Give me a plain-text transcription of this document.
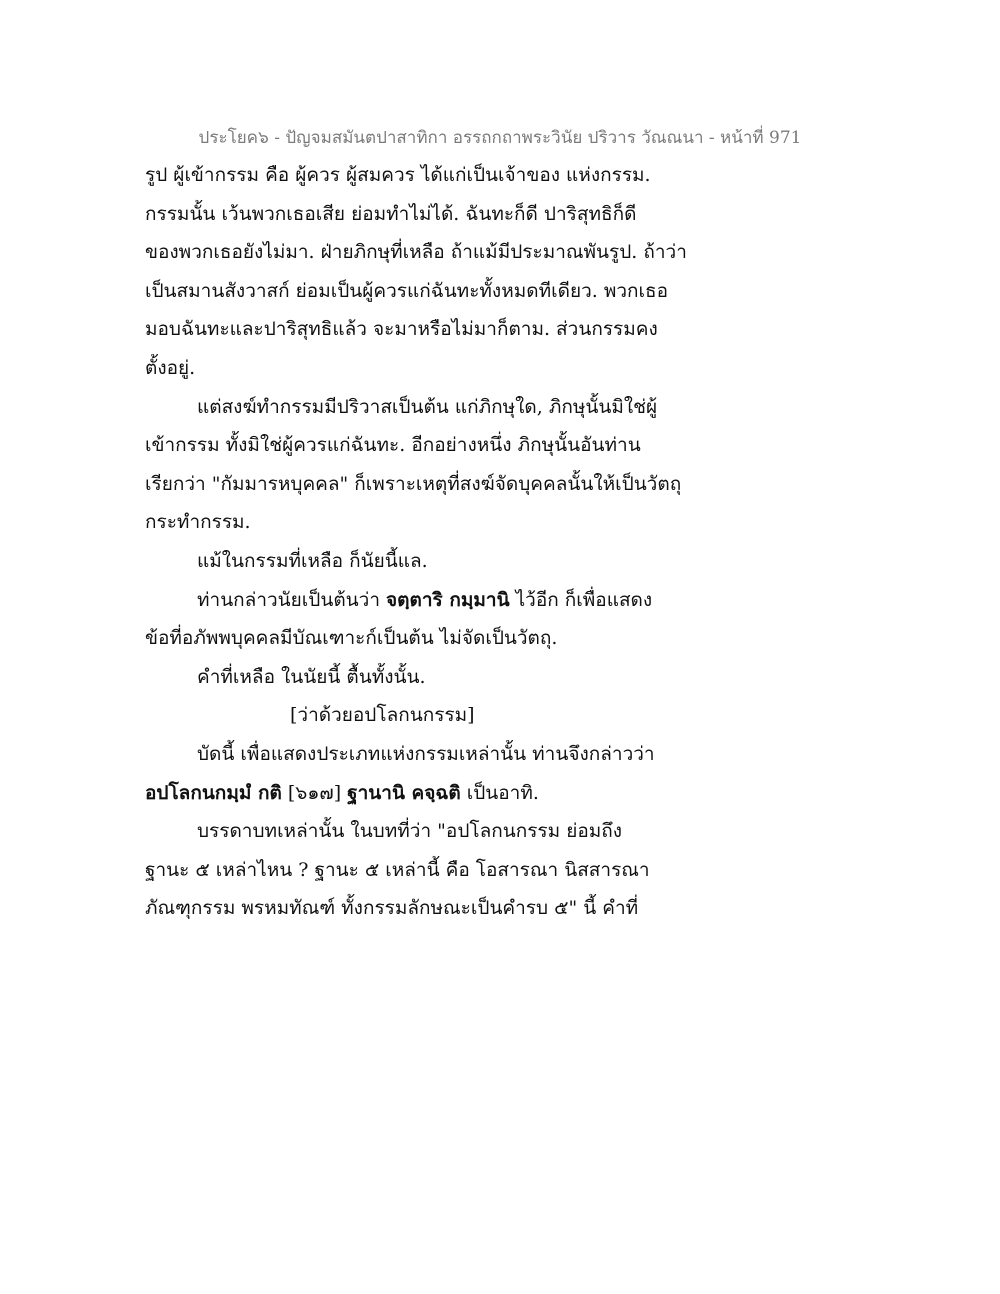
ประโยค๖ - ปัญจมสมันตปาสาทิกา อรรถกถาพระวินัย ปริวาร วัณณนา - หน้าที่ 971
รูป ผู้เข้ากรรม คือ ผู้ควร ผู้สมควร ได้แก่เป็นเจ้าของ แห่งกรรม.
กรรมนั้น เว้นพวกเธอเสีย ย่อมทำไม่ได้. ฉันทะก็ดี ปาริสุทธิก็ดี
ของพวกเธอยังไม่มา. ฝ่ายภิกษุที่เหลือ ถ้าแม้มีประมาณพันรูป. ถ้าว่า
เป็นสมานสังวาสก์ ย่อมเป็นผู้ควรแก่ฉันทะทั้งหมดทีเดียว. พวกเธอ
มอบฉันทะและปาริสุทธิแล้ว จะมาหรือไม่มาก็ตาม. ส่วนกรรมคง
ตั้งอยู่.
แต่สงฆ์ทำกรรมมีปริวาสเป็นต้น แก่ภิกษุใด, ภิกษุนั้นมิใช่ผู้
เข้ากรรม ทั้งมิใช่ผู้ควรแก่ฉันทะ. อีกอย่างหนึ่ง ภิกษุนั้นอันท่าน
เรียกว่า "กัมมารหบุคคล" ก็เพราะเหตุที่สงฆ์จัดบุคคลนั้นให้เป็นวัตถุ
กระทำกรรม.
แม้ในกรรมที่เหลือ ก็นัยนี้แล.
ท่านกล่าวนัยเป็นต้นว่า จตฺตาริ กมฺมานิ ไว้อีก ก็เพื่อแสดง
ข้อที่อภัพพบุคคลมีบัณเฑาะก์เป็นต้น ไม่จัดเป็นวัตถุ.
คำที่เหลือ ในนัยนี้ ตื้นทั้งนั้น.
[ว่าด้วยอปโลกนกรรม]
บัดนี้ เพื่อแสดงประเภทแห่งกรรมเหล่านั้น ท่านจึงกล่าวว่า
อปโลกนกมฺมํ กติ [๖๑๗] ฐานานิ คจฺฉติ เป็นอาทิ.
บรรดาบทเหล่านั้น ในบทที่ว่า "อปโลกนกรรม ย่อมถึง
ฐานะ ๕ เหล่าไหน ? ฐานะ ๕ เหล่านี้ คือ โอสารณา นิสสารณา
ภัณฑุกรรม พรหมทัณฑ์ ทั้งกรรมลักษณะเป็นคำรบ ๕" นี้ คำที่
